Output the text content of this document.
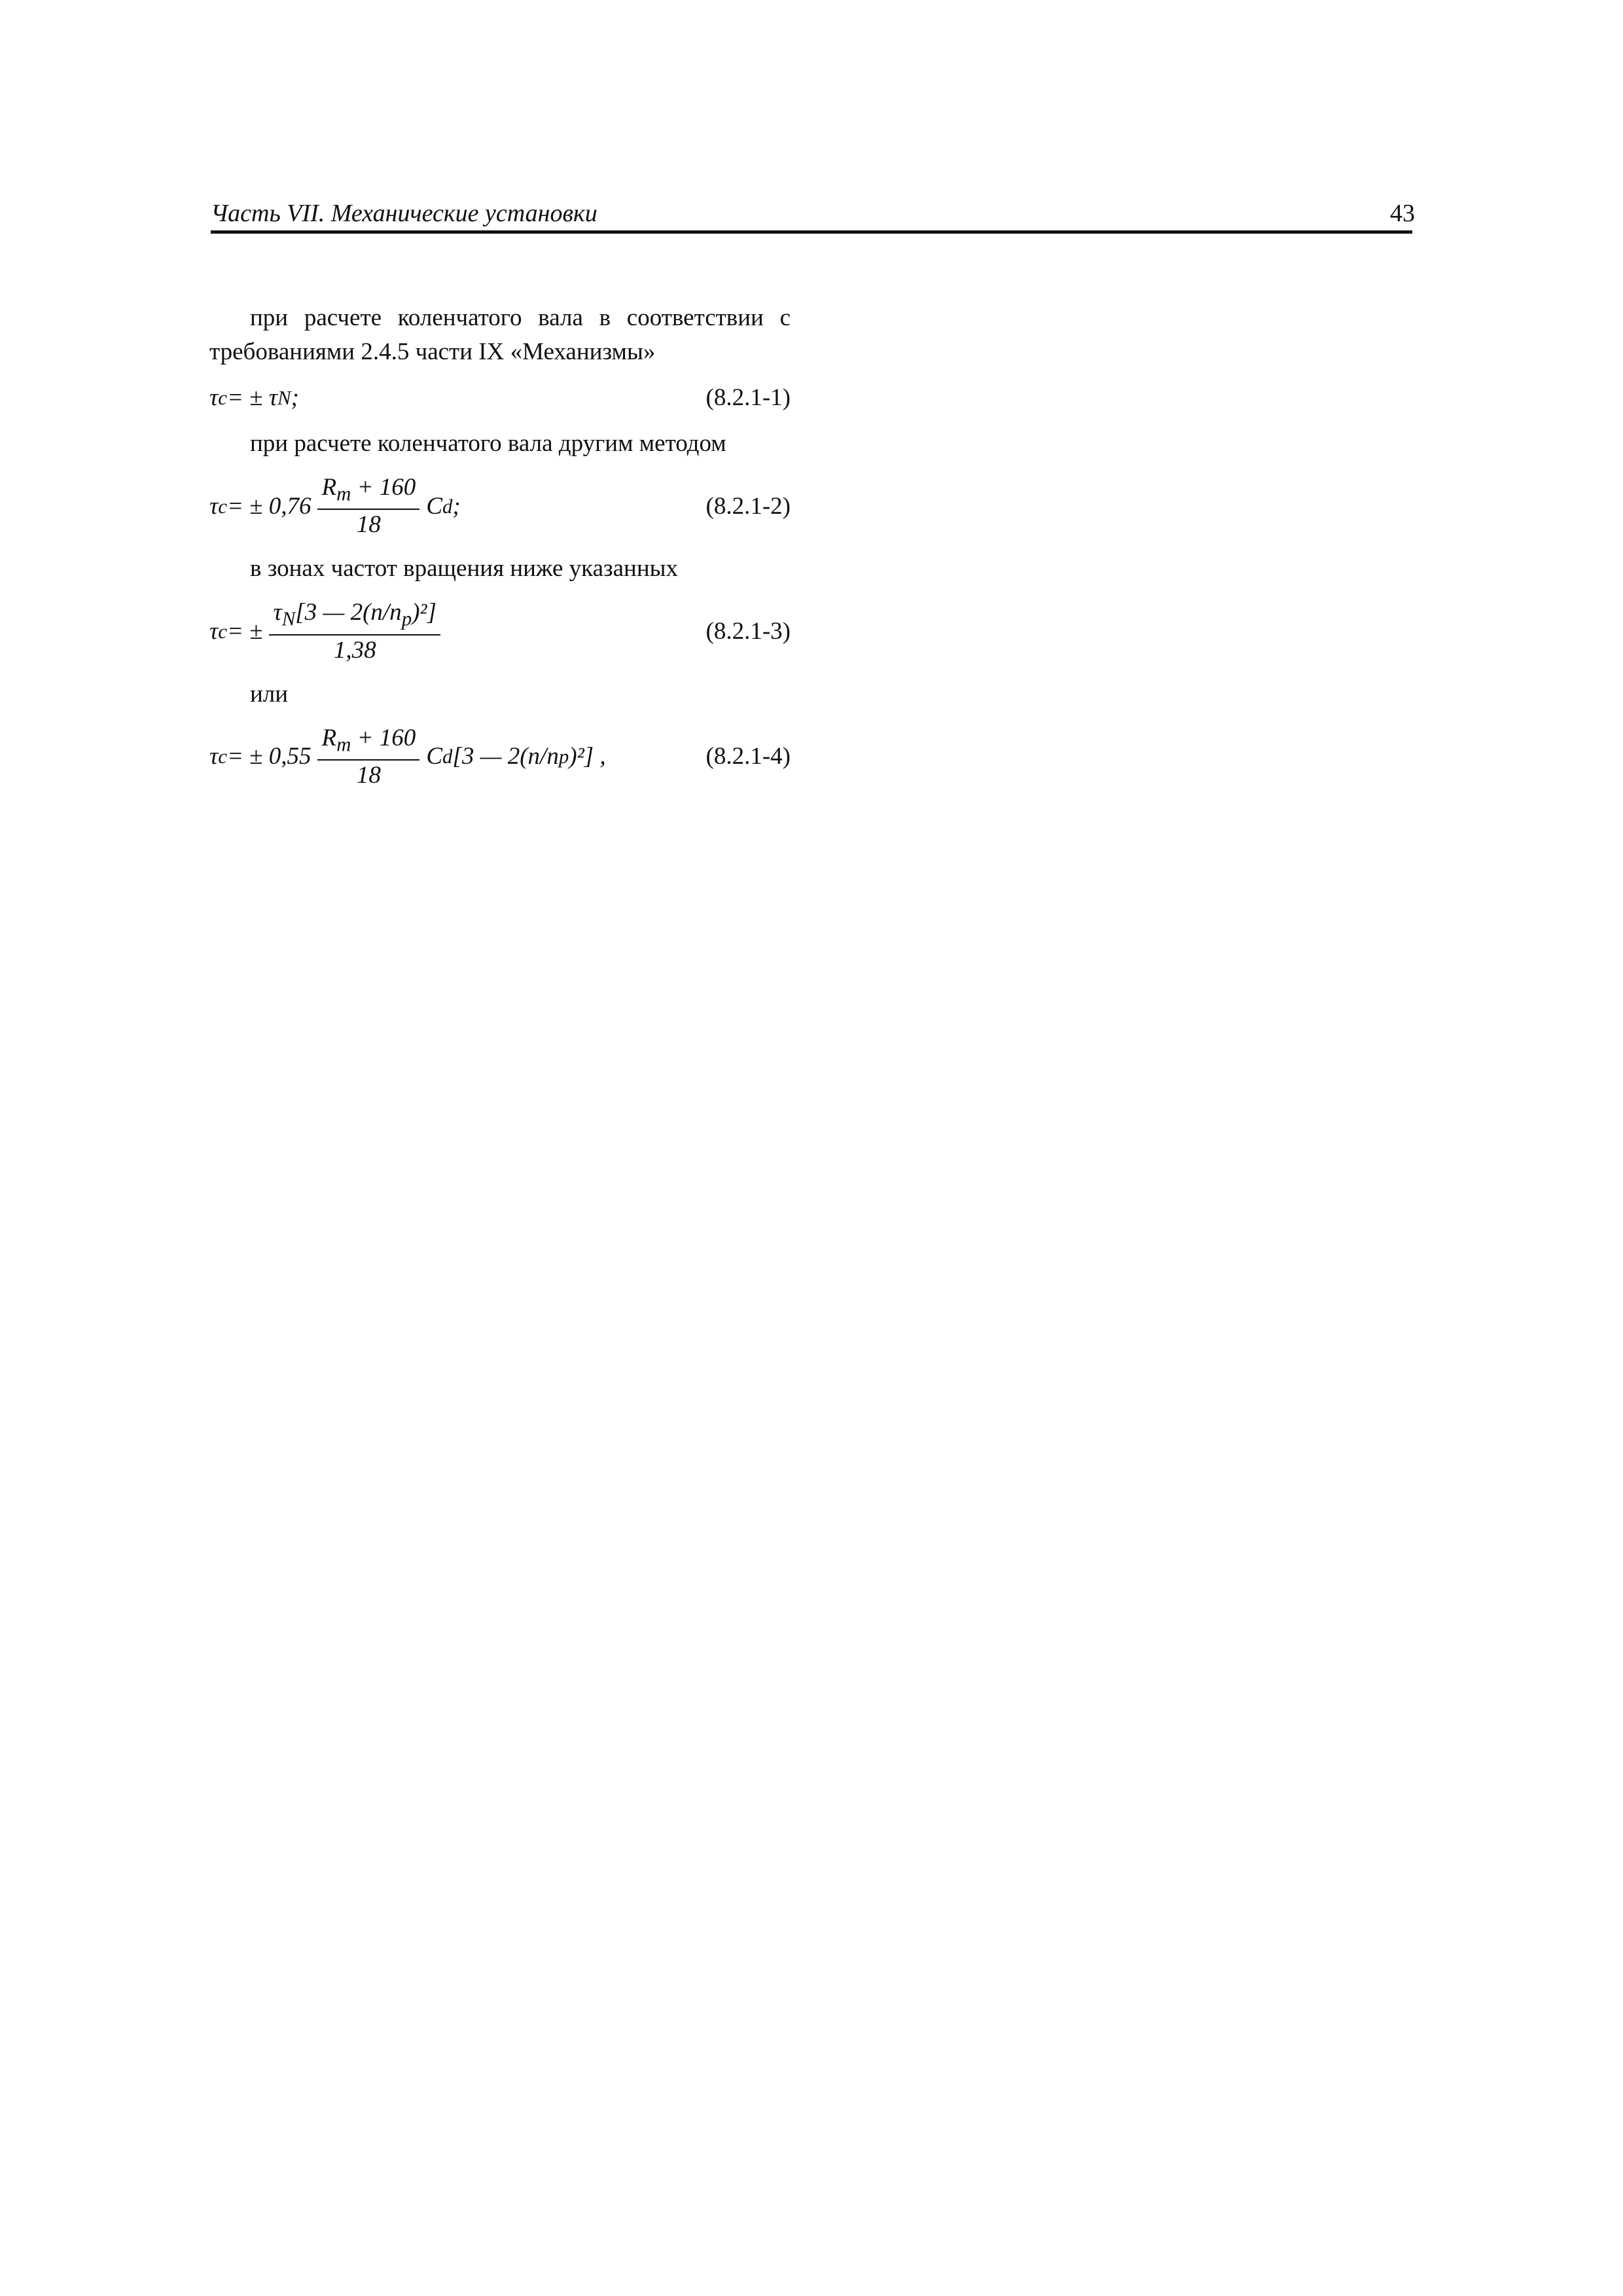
Часть VII. Механические установки	43

при расчете коленчатого вала в соответствии с требованиями 2.4.5 части IX «Механизмы»

τ c = ± τ N ;	(8.2.1-1)

при расчете коленчатого вала другим методом

τ c = ± $0,76 \frac{R_m + 160}{18}$ C d ;	(8.2.1-2)

в зонах частот вращения ниже указанных

τ c = ± $\frac{\tau_N[3 — 2(n/n_р)^2]}{1,38}$	(8.2.1-3)

или

τ c = ± $0,55 \frac{R_m + 160}{18}$ C d [3 — 2(n/n р )²] ,	(8.2.1-4)
